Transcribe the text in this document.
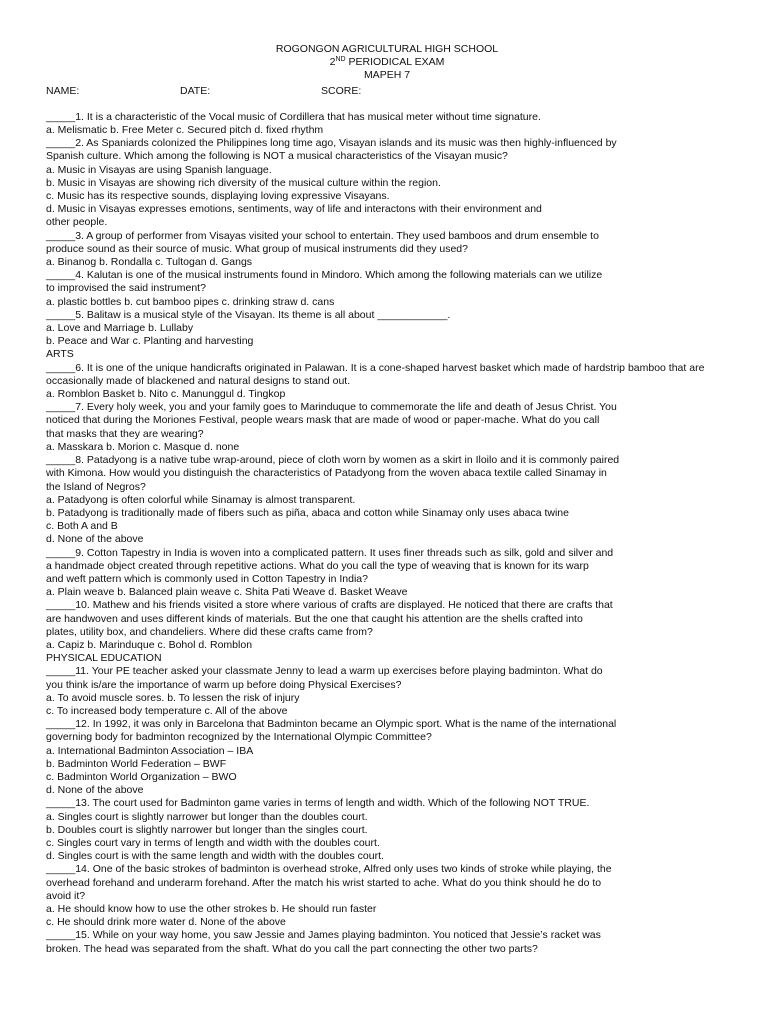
ROGONGON AGRICULTURAL HIGH SCHOOL
2ND PERIODICAL EXAM
MAPEH 7
NAME:	DATE:	SCORE:
_____1. It is a characteristic of the Vocal music of Cordillera that has musical meter without time signature.
a. Melismatic b. Free Meter c. Secured pitch d. fixed rhythm
_____2. As Spaniards colonized the Philippines long time ago, Visayan islands and its music was then highly-influenced by
Spanish culture. Which among the following is NOT a musical characteristics of the Visayan music?
a. Music in Visayas are using Spanish language.
b. Music in Visayas are showing rich diversity of the musical culture within the region.
c. Music has its respective sounds, displaying loving expressive Visayans.
d. Music in Visayas expresses emotions, sentiments, way of life and interactons with their environment and
other people.
_____3. A group of performer from Visayas visited your school to entertain. They used bamboos and drum ensemble to
produce sound as their source of music. What group of musical instruments did they used?
a. Binanog b. Rondalla c. Tultogan d. Gangs
_____4. Kalutan is one of the musical instruments found in Mindoro. Which among the following materials can we utilize
to improvised the said instrument?
a. plastic bottles b. cut bamboo pipes c. drinking straw d. cans
_____5. Balitaw is a musical style of the Visayan. Its theme is all about ____________.
a. Love and Marriage b. Lullaby
b. Peace and War c. Planting and harvesting
ARTS
_____6. It is one of the unique handicrafts originated in Palawan. It is a cone-shaped harvest basket which made of hardstrip bamboo that are
occasionally made of blackened and natural designs to stand out.
a. Romblon Basket b. Nito c. Manunggul d. Tingkop
_____7. Every holy week, you and your family goes to Marinduque to commemorate the life and death of Jesus Christ. You
noticed that during the Moriones Festival, people wears mask that are made of wood or paper-mache. What do you call
that masks that they are wearing?
a. Masskara b. Morion c. Masque d. none
_____8. Patadyong is a native tube wrap-around, piece of cloth worn by women as a skirt in Iloilo and it is commonly paired
with Kimona. How would you distinguish the characteristics of Patadyong from the woven abaca textile called Sinamay in
the Island of Negros?
a. Patadyong is often colorful while Sinamay is almost transparent.
b. Patadyong is traditionally made of fibers such as piña, abaca and cotton while Sinamay only uses abaca twine
c. Both A and B
d. None of the above
_____9. Cotton Tapestry in India is woven into a complicated pattern. It uses finer threads such as silk, gold and silver and
a handmade object created through repetitive actions. What do you call the type of weaving that is known for its warp
and weft pattern which is commonly used in Cotton Tapestry in India?
a. Plain weave b. Balanced plain weave c. Shita Pati Weave d. Basket Weave
_____10. Mathew and his friends visited a store where various of crafts are displayed. He noticed that there are crafts that
are handwoven and uses different kinds of materials. But the one that caught his attention are the shells crafted into
plates, utility box, and chandeliers. Where did these crafts came from?
a. Capiz b. Marinduque c. Bohol d. Romblon
PHYSICAL EDUCATION
_____11. Your PE teacher asked your classmate Jenny to lead a warm up exercises before playing badminton. What do
you think is/are the importance of warm up before doing Physical Exercises?
a. To avoid muscle sores. b. To lessen the risk of injury
c. To increased body temperature c. All of the above
_____12. In 1992, it was only in Barcelona that Badminton became an Olympic sport. What is the name of the international
governing body for badminton recognized by the International Olympic Committee?
a. International Badminton Association – IBA
b. Badminton World Federation – BWF
c. Badminton World Organization – BWO
d. None of the above
_____13. The court used for Badminton game varies in terms of length and width. Which of the following NOT TRUE.
a. Singles court is slightly narrower but longer than the doubles court.
b. Doubles court is slightly narrower but longer than the singles court.
c. Singles court vary in terms of length and width with the doubles court.
d. Singles court is with the same length and width with the doubles court.
_____14. One of the basic strokes of badminton is overhead stroke, Alfred only uses two kinds of stroke while playing, the
overhead forehand and underarm forehand. After the match his wrist started to ache. What do you think should he do to
avoid it?
a. He should know how to use the other strokes b. He should run faster
c. He should drink more water d. None of the above
_____15. While on your way home, you saw Jessie and James playing badminton. You noticed that Jessie’s racket was
broken. The head was separated from the shaft. What do you call the part connecting the other two parts?
